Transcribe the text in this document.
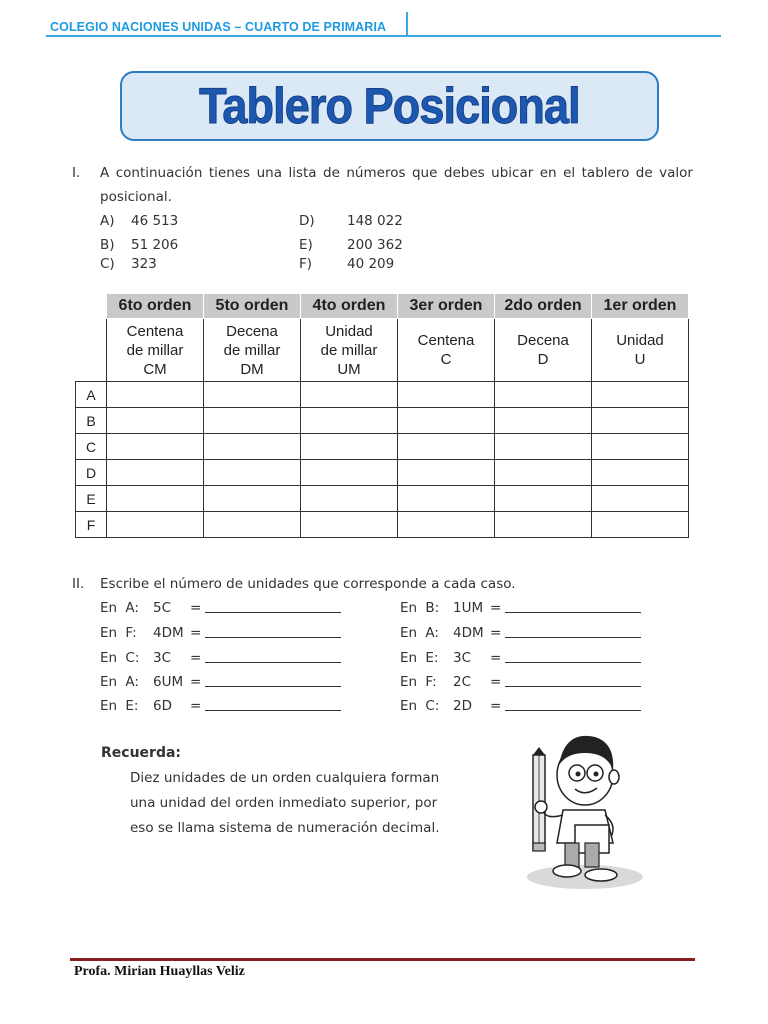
COLEGIO NACIONES UNIDAS – CUARTO DE PRIMARIA
Tablero Posicional
I. A continuación tienes una lista de números que debes ubicar en el tablero de valor
posicional.
A) 46 513	D) 148 022
B) 51 206	E)	200 362
C) 323	F)	40 209
	6to orden	5to orden	4to orden	3er orden	2do orden	1er orden
	Centena
de millar
CM	Decena
de millar
DM	Unidad
de millar
UM	Centena
C	Decena
D	Unidad
U
A						
B						
C						
D						
E						
F						
II. Escribe el número de unidades que corresponde a cada caso.
En A: 5C =
En F: 4DM =
En C: 3C =
En A: 6UM =
En E: 6D =
En B: 1UM =
En A: 4DM =
En E: 3C =
En F: 2C =
En C: 2D =
Recuerda:
Diez unidades de un orden cualquiera forman
una unidad del orden inmediato superior, por
eso se llama sistema de numeración decimal.
Profa. Mirian Huayllas Veliz
